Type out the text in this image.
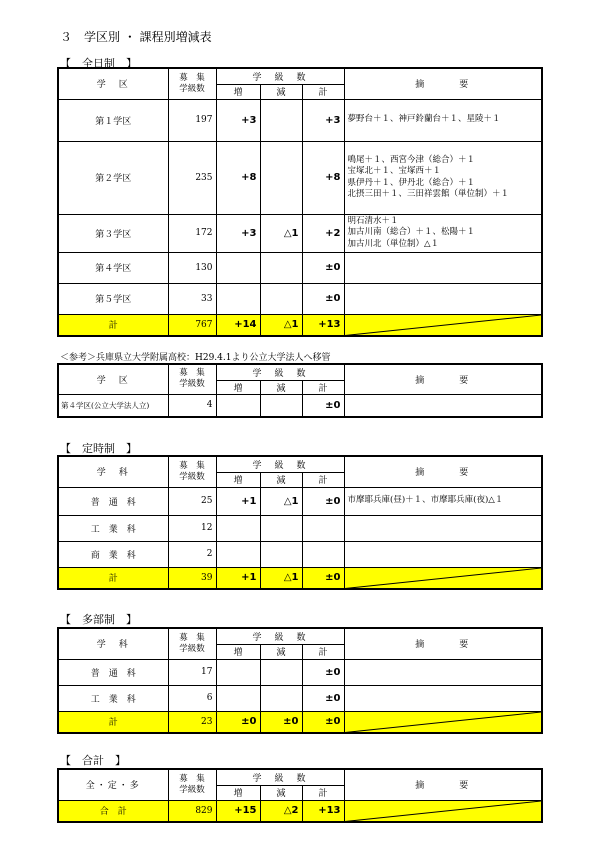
３　学区別 ・ 課程別増減表
【　全日制　】
学　区	募　集
学級数	学　級　数			摘　　　要
		増	減	計	
第１学区	197	+3		+3	夢野台＋１、神戸鈴蘭台＋１、星陵＋１

第２学区	235	+8		+8	鳴尾＋１、西宮今津（総合）＋１
宝塚北＋１、宝塚西＋１
県伊丹＋１、伊丹北（総合）＋１
北摂三田＋１、三田祥雲館（単位制）＋１

第３学区	172	+3	△1	+2	明石清水＋１
加古川南（総合）＋１、松陽＋１
加古川北（単位制）△１

第４学区	130			±0	
第５学区	33			±0	
計	767	+14	△1	+13	
＜参考＞兵庫県立大学附属高校：H29.4.1より公立大学法人へ移管
学　区	募　集
学級数	学　級　数			摘　　　要
		増	減	計	
第４学区(公立大学法人立)	4			±0	
【　定時制　】
学　科	募　集
学級数	学　級　数			摘　　　要
		増	減	計	
普　通　科	25	+1	△1	±0	市摩耶兵庫(昼)＋１、市摩耶兵庫(夜)△１

工　業　科	12				
商　業　科	2				
計	39	+1	△1	±0	
【　多部制　】
学　科	募　集
学級数	学　級　数			摘　　　要
		増	減	計	
普　通　科	17			±0	
工　業　科	6			±0	
計	23	±0	±0	±0	
【　合計　】
全・定・多	募　集
学級数	学　級　数			摘　　　要
		増	減	計	
合　計	829	+15	△2	+13	
